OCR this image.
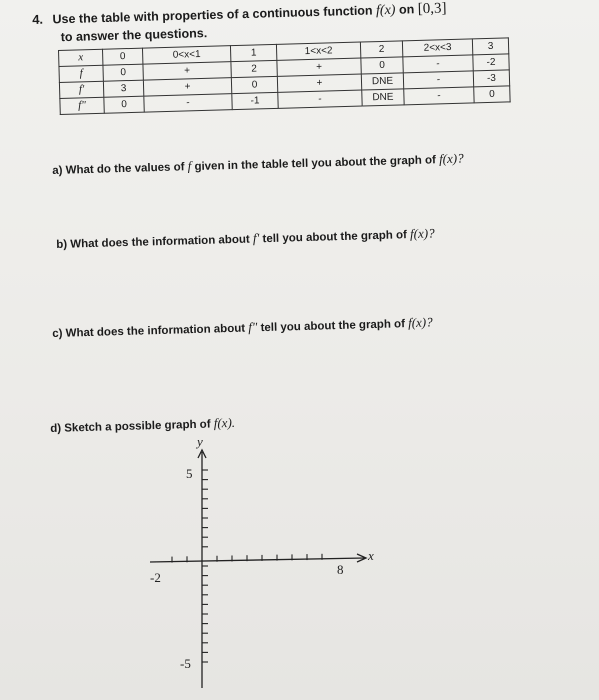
4. Use the table with properties of a continuous function f(x) on [0,3]
to answer the questions.
x	0	0<x<1	1	1<x<2	2	2<x<3	3
f	0	+	2	+	0	-	-2
f'	3	+	0	+	DNE	-	-3
f"	0	-	-1	-	DNE	-	0
a) What do the values of f given in the table tell you about the graph of f(x)?
b) What does the information about f' tell you about the graph of f(x)?
c) What does the information about f" tell you about the graph of f(x)?
d) Sketch a possible graph of f(x).
y
x
5
-5
-2
8
